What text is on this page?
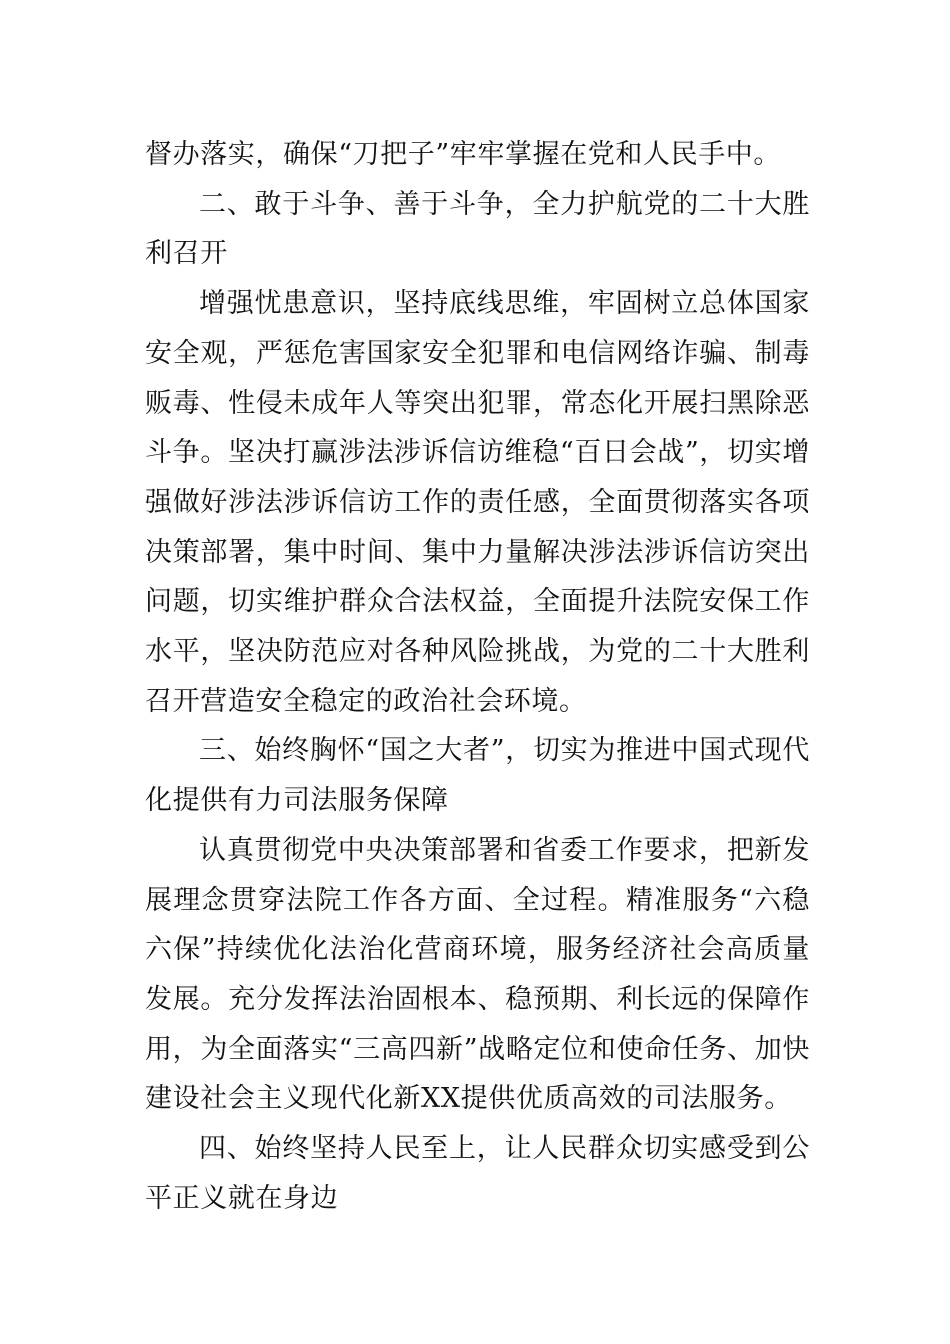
督办落实，确保“刀把子”牢牢掌握在党和人民手中。

二、敢于斗争、善于斗争，全力护航党的二十大胜利召开

增强忧患意识，坚持底线思维，牢固树立总体国家安全观，严惩危害国家安全犯罪和电信网络诈骗、制毒贩毒、性侵未成年人等突出犯罪，常态化开展扫黑除恶斗争。坚决打赢涉法涉诉信访维稳“百日会战”，切实增强做好涉法涉诉信访工作的责任感，全面贯彻落实各项决策部署，集中时间、集中力量解决涉法涉诉信访突出问题，切实维护群众合法权益，全面提升法院安保工作水平，坚决防范应对各种风险挑战，为党的二十大胜利召开营造安全稳定的政治社会环境。

三、始终胸怀“国之大者”，切实为推进中国式现代化提供有力司法服务保障

认真贯彻党中央决策部署和省委工作要求，把新发展理念贯穿法院工作各方面、全过程。精准服务“六稳六保”持续优化法治化营商环境，服务经济社会高质量发展。充分发挥法治固根本、稳预期、利长远的保障作用，为全面落实“三高四新”战略定位和使命任务、加快建设社会主义现代化新XX提供优质高效的司法服务。

四、始终坚持人民至上，让人民群众切实感受到公平正义就在身边
